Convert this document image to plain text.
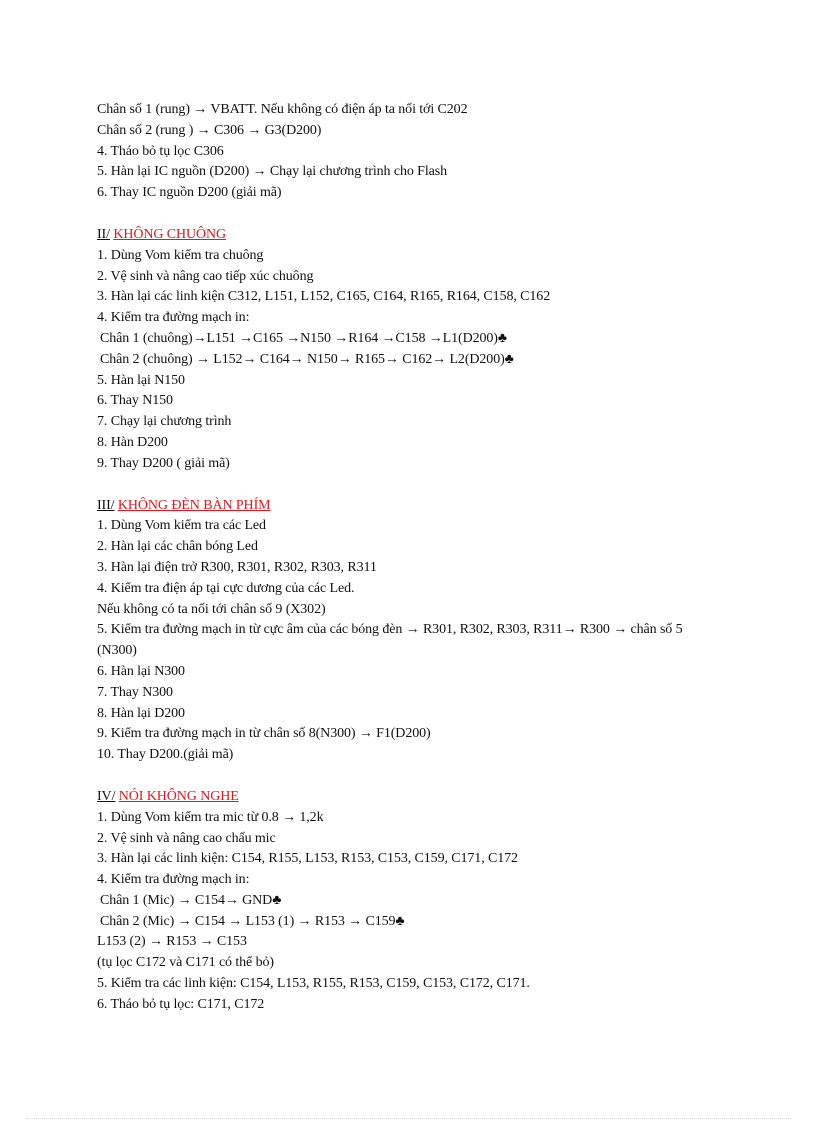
Chân số 1 (rung) → VBATT. Nếu không có điện áp ta nối tới C202
Chân số 2 (rung ) → C306 → G3(D200)
4. Tháo bỏ tụ lọc C306
5. Hàn lại IC nguồn (D200) → Chạy lại chương trình cho Flash
6. Thay IC nguồn D200 (giải mã)
II/ KHÔNG CHUÔNG
1. Dùng Vom kiểm tra chuông
2. Vệ sinh và nâng cao tiếp xúc chuông
3. Hàn lại các linh kiện C312, L151, L152, C165, C164, R165, R164, C158, C162
4. Kiểm tra đường mạch in:
Chân 1 (chuông)→L151 →C165 →N150 →R164 →C158 →L1(D200)♣
Chân 2 (chuông) → L152→ C164→ N150→ R165→ C162→ L2(D200)♣
5. Hàn lại N150
6. Thay N150
7. Chạy lại chương trình
8. Hàn D200
9. Thay D200 ( giải mã)
III/ KHÔNG ĐÈN BÀN PHÍM
1. Dùng Vom kiểm tra các Led
2. Hàn lại các chân bóng Led
3. Hàn lại điện trở R300, R301, R302, R303, R311
4. Kiểm tra điện áp tại cực dương của các Led.
Nếu không có ta nối tới chân số 9 (X302)
5. Kiểm tra đường mạch in từ cực âm của các bóng đèn → R301, R302, R303, R311→ R300 → chân số 5
(N300)
6. Hàn lại N300
7. Thay N300
8. Hàn lại D200
9. Kiểm tra đường mạch in từ chân số 8(N300) → F1(D200)
10. Thay D200.(giải mã)
IV/ NÓI KHÔNG NGHE
1. Dùng Vom kiểm tra mic từ 0.8 → 1,2k
2. Vệ sinh và nâng cao chấu mic
3. Hàn lại các linh kiện: C154, R155, L153, R153, C153, C159, C171, C172
4. Kiểm tra đường mạch in:
Chân 1 (Mic) → C154→ GND♣
Chân 2 (Mic) → C154 → L153 (1) → R153 → C159♣
L153 (2) → R153 → C153
(tụ lọc C172 và C171 có thể bỏ)
5. Kiểm tra các linh kiện: C154, L153, R155, R153, C159, C153, C172, C171.
6. Tháo bỏ tụ lọc: C171, C172
